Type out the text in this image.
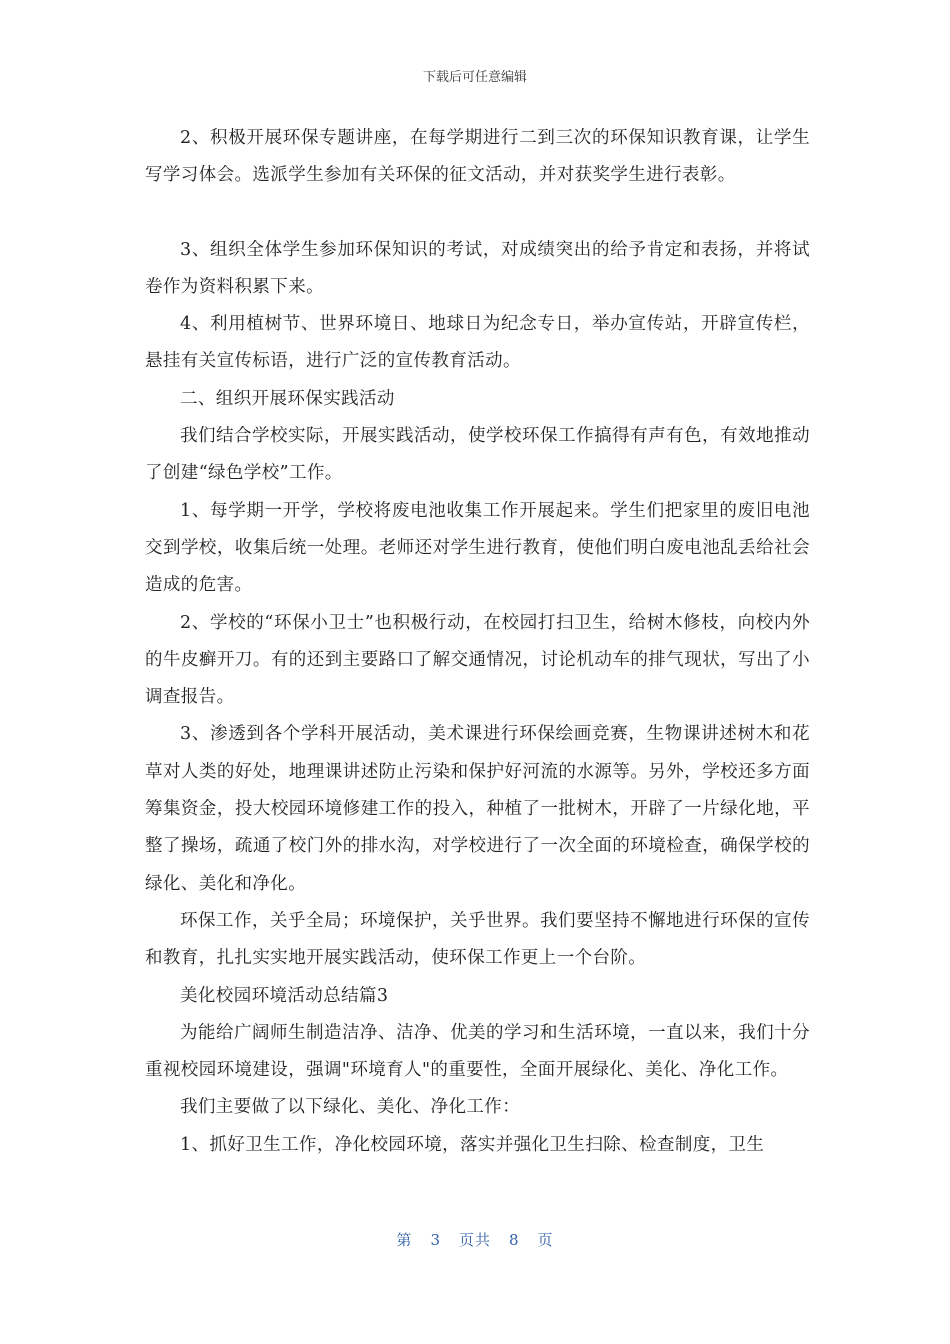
下载后可任意编辑

2、积极开展环保专题讲座，在每学期进行二到三次的环保知识教育课，让学生写学习体会。选派学生参加有关环保的征文活动，并对获奖学生进行表彰。

3、组织全体学生参加环保知识的考试，对成绩突出的给予肯定和表扬，并将试卷作为资料积累下来。

4、利用植树节、世界环境日、地球日为纪念专日，举办宣传站，开辟宣传栏，悬挂有关宣传标语，进行广泛的宣传教育活动。

二、组织开展环保实践活动

我们结合学校实际，开展实践活动，使学校环保工作搞得有声有色，有效地推动了创建“绿色学校”工作。

1、每学期一开学，学校将废电池收集工作开展起来。学生们把家里的废旧电池交到学校，收集后统一处理。老师还对学生进行教育，使他们明白废电池乱丢给社会造成的危害。

2、学校的“环保小卫士”也积极行动，在校园打扫卫生，给树木修枝，向校内外的牛皮癣开刀。有的还到主要路口了解交通情况，讨论机动车的排气现状，写出了小调查报告。

3、渗透到各个学科开展活动，美术课进行环保绘画竞赛，生物课讲述树木和花草对人类的好处，地理课讲述防止污染和保护好河流的水源等。另外，学校还多方面筹集资金，投大校园环境修建工作的投入，种植了一批树木，开辟了一片绿化地，平整了操场，疏通了校门外的排水沟，对学校进行了一次全面的环境检查，确保学校的绿化、美化和净化。

环保工作，关乎全局；环境保护，关乎世界。我们要坚持不懈地进行环保的宣传和教育，扎扎实实地开展实践活动，使环保工作更上一个台阶。

美化校园环境活动总结篇3

为能给广阔师生制造洁净、洁净、优美的学习和生活环境，一直以来，我们十分重视校园环境建设，强调"环境育人"的重要性，全面开展绿化、美化、净化工作。

我们主要做了以下绿化、美化、净化工作：

1、抓好卫生工作，净化校园环境，落实并强化卫生扫除、检查制度，卫生

第 3 页共 8 页
